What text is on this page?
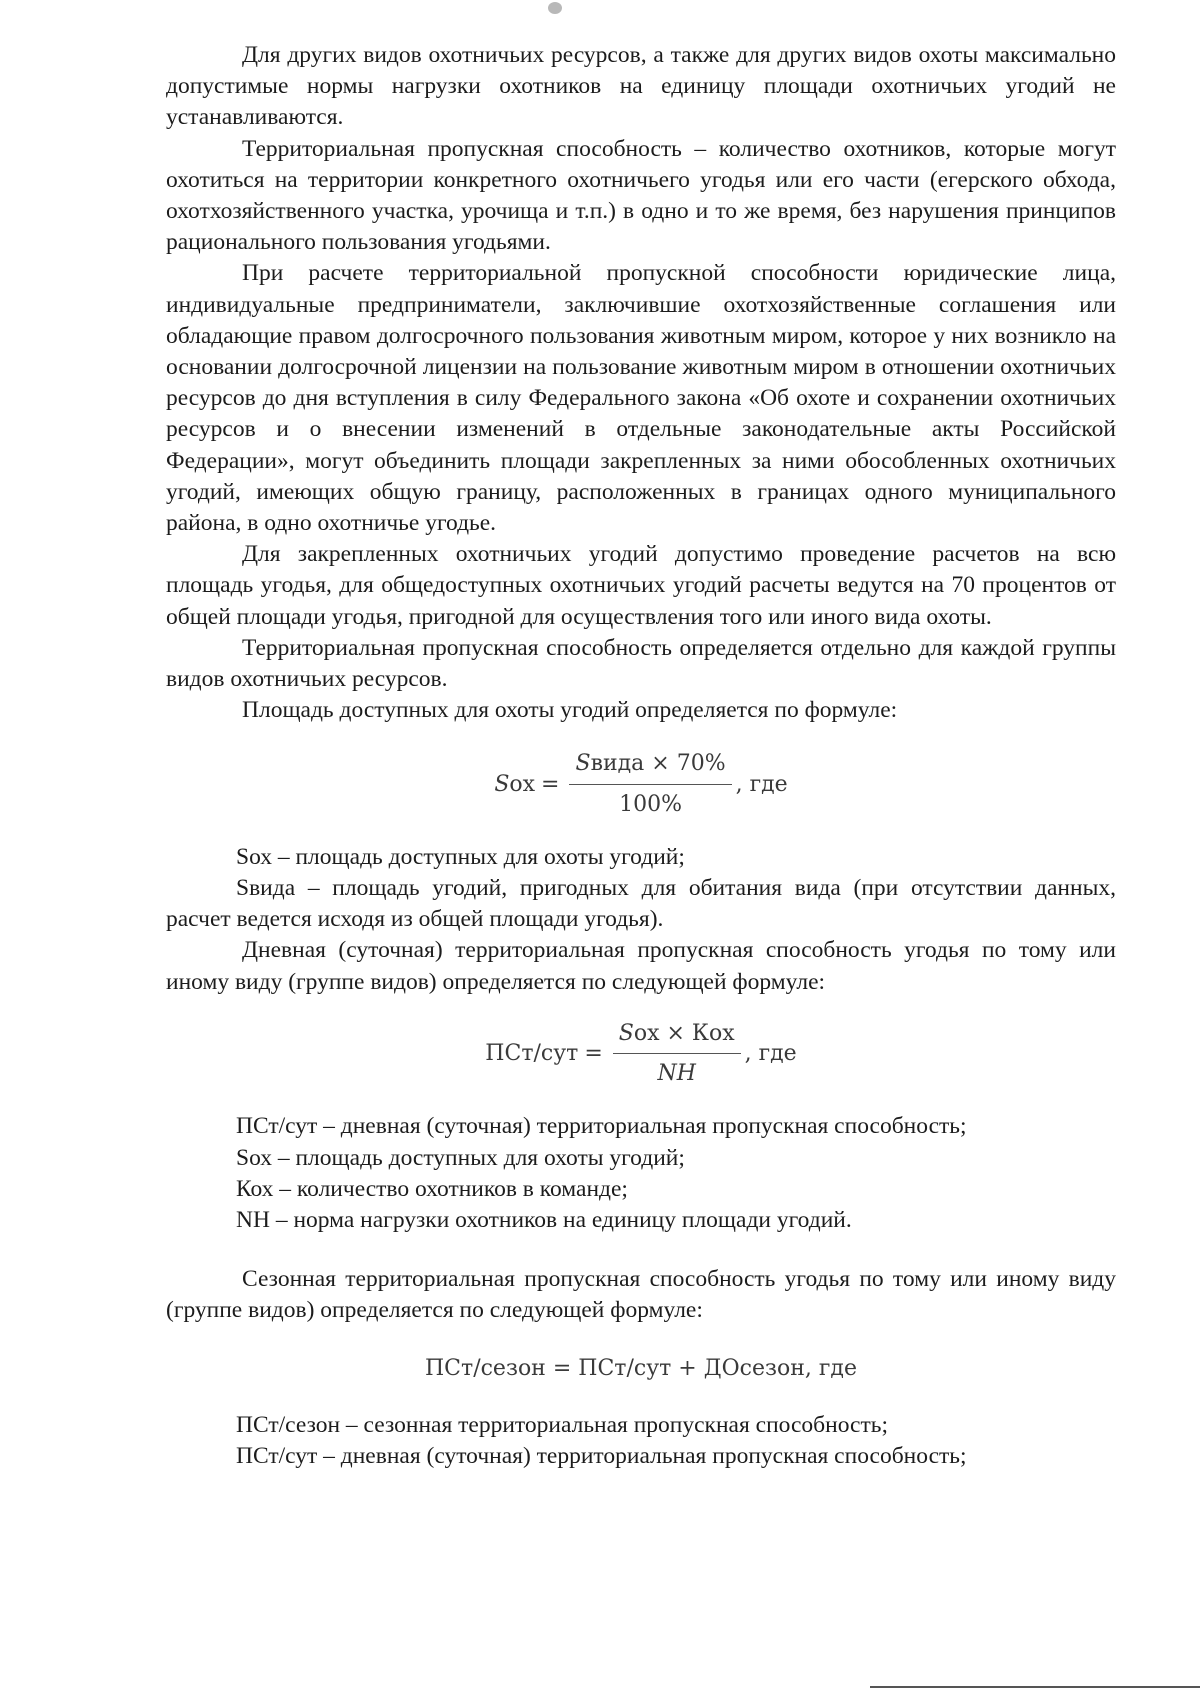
Для других видов охотничьих ресурсов, а также для других видов охоты максимально допустимые нормы нагрузки охотников на единицу площади охотничьих угодий не устанавливаются.

Территориальная пропускная способность – количество охотников, которые могут охотиться на территории конкретного охотничьего угодья или его части (егерского обхода, охотхозяйственного участка, урочища и т.п.) в одно и то же время, без нарушения принципов рационального пользования угодьями.

При расчете территориальной пропускной способности юридические лица, индивидуальные предприниматели, заключившие охотхозяйственные соглашения или обладающие правом долгосрочного пользования животным миром, которое у них возникло на основании долгосрочной лицензии на пользование животным миром в отношении охотничьих ресурсов до дня вступления в силу Федерального закона «Об охоте и сохранении охотничьих ресурсов и о внесении изменений в отдельные законодательные акты Российской Федерации», могут объединить площади закрепленных за ними обособленных охотничьих угодий, имеющих общую границу, расположенных в границах одного муниципального района, в одно охотничье угодье.

Для закрепленных охотничьих угодий допустимо проведение расчетов на всю площадь угодья, для общедоступных охотничьих угодий расчеты ведутся на 70 процентов от общей площади угодья, пригодной для осуществления того или иного вида охоты.

Территориальная пропускная способность определяется отдельно для каждой группы видов охотничьих ресурсов.

Площадь доступных для охоты угодий определяется по формуле:

Sох = $\frac{\text{Sвида × 70\%}}{100\%}$ , где

Sох – площадь доступных для охоты угодий;

Sвида – площадь угодий, пригодных для обитания вида (при отсутствии данных, расчет ведется исходя из общей площади угодья).

Дневная (суточная) территориальная пропускная способность угодья по тому или иному виду (группе видов) определяется по следующей формуле:

$ПСт/сут = \frac{\text{Sох × Кох}}{NH}$ , где

ПСт/сут – дневная (суточная) территориальная пропускная способность;

Sох – площадь доступных для охоты угодий;

Кох – количество охотников в команде;

NH – норма нагрузки охотников на единицу площади угодий.

Сезонная территориальная пропускная способность угодья по тому или иному виду (группе видов) определяется по следующей формуле:

ПСт/сезон = ПСт/сут + ДОсезон, где

ПСт/сезон – сезонная территориальная пропускная способность;

ПСт/сут – дневная (суточная) территориальная пропускная способность;
